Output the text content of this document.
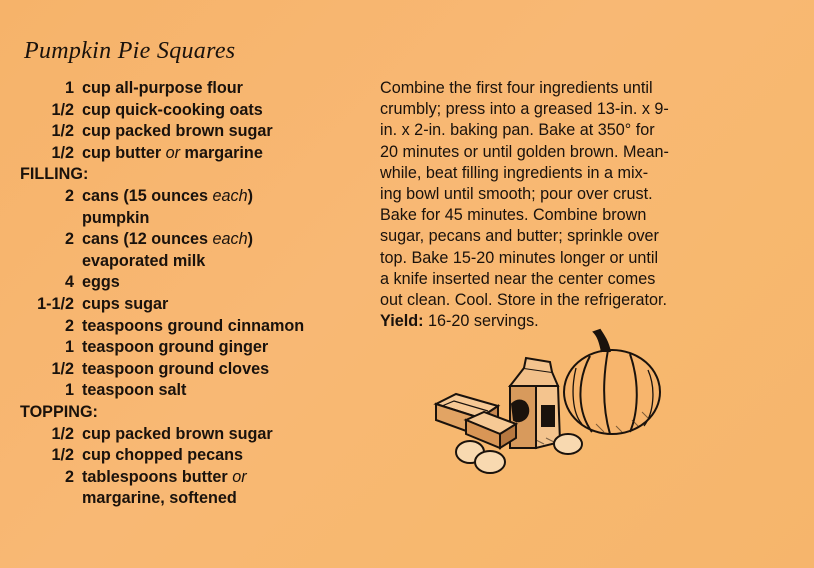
Pumpkin Pie Squares
1 cup all-purpose flour
1/2 cup quick-cooking oats
1/2 cup packed brown sugar
1/2 cup butter or margarine
FILLING:
2 cans (15 ounces each)
pumpkin
2 cans (12 ounces each)
evaporated milk
4 eggs
1-1/2 cups sugar
2 teaspoons ground cinnamon
1 teaspoon ground ginger
1/2 teaspoon ground cloves
1 teaspoon salt
TOPPING:
1/2 cup packed brown sugar
1/2 cup chopped pecans
2 tablespoons butter or
margarine, softened
Combine the first four ingredients until
crumbly; press into a greased 13-in. x 9-
in. x 2-in. baking pan. Bake at 350° for
20 minutes or until golden brown. Mean-
while, beat filling ingredients in a mix-
ing bowl until smooth; pour over crust.
Bake for 45 minutes. Combine brown
sugar, pecans and butter; sprinkle over
top. Bake 15-20 minutes longer or until
a knife inserted near the center comes
out clean. Cool. Store in the refrigerator.
Yield: 16-20 servings.
